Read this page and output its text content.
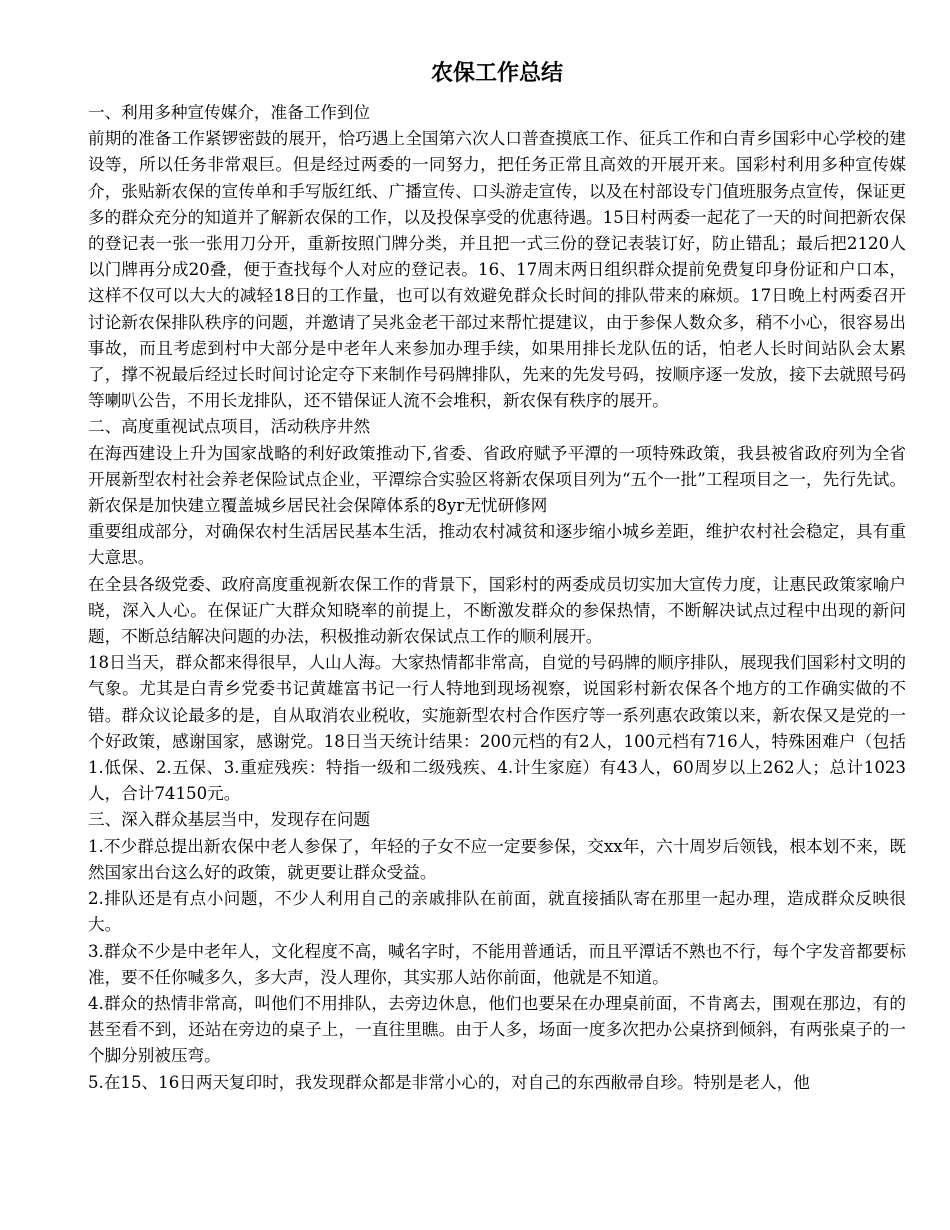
农保工作总结
一、利用多种宣传媒介，准备工作到位

前期的准备工作紧锣密鼓的展开，恰巧遇上全国第六次人口普查摸底工作、征兵工作和白青乡国彩中心学校的建设等，所以任务非常艰巨。但是经过两委的一同努力，把任务正常且高效的开展开来。国彩村利用多种宣传媒介，张贴新农保的宣传单和手写版红纸、广播宣传、口头游走宣传，以及在村部设专门值班服务点宣传，保证更多的群众充分的知道并了解新农保的工作，以及投保享受的优惠待遇。15日村两委一起花了一天的时间把新农保的登记表一张一张用刀分开，重新按照门牌分类，并且把一式三份的登记表装订好，防止错乱；最后把2120人以门牌再分成20叠，便于查找每个人对应的登记表。16、17周末两日组织群众提前免费复印身份证和户口本，这样不仅可以大大的减轻18日的工作量，也可以有效避免群众长时间的排队带来的麻烦。17日晚上村两委召开讨论新农保排队秩序的问题，并邀请了吴兆金老干部过来帮忙提建议，由于参保人数众多，稍不小心，很容易出事故，而且考虑到村中大部分是中老年人来参加办理手续，如果用排长龙队伍的话，怕老人长时间站队会太累了，撑不祝最后经过长时间讨论定夺下来制作号码牌排队，先来的先发号码，按顺序逐一发放，接下去就照号码等喇叭公告，不用长龙排队，还不错保证人流不会堆积，新农保有秩序的展开。

二、高度重视试点项目，活动秩序井然

在海西建设上升为国家战略的利好政策推动下,省委、省政府赋予平潭的一项特殊政策，我县被省政府列为全省开展新型农村社会养老保险试点企业，平潭综合实验区将新农保项目列为“五个一批”工程项目之一，先行先试。新农保是加快建立覆盖城乡居民社会保障体系的8yr无忧研修网

重要组成部分，对确保农村生活居民基本生活，推动农村减贫和逐步缩小城乡差距，维护农村社会稳定，具有重大意思。

在全县各级党委、政府高度重视新农保工作的背景下，国彩村的两委成员切实加大宣传力度，让惠民政策家喻户晓，深入人心。在保证广大群众知晓率的前提上，不断激发群众的参保热情，不断解决试点过程中出现的新问题，不断总结解决问题的办法，积极推动新农保试点工作的顺利展开。

18日当天，群众都来得很早，人山人海。大家热情都非常高，自觉的号码牌的顺序排队，展现我们国彩村文明的气象。尤其是白青乡党委书记黄雄富书记一行人特地到现场视察，说国彩村新农保各个地方的工作确实做的不错。群众议论最多的是，自从取消农业税收，实施新型农村合作医疗等一系列惠农政策以来，新农保又是党的一个好政策，感谢国家，感谢党。18日当天统计结果：200元档的有2人，100元档有716人，特殊困难户（包括1.低保、2.五保、3.重症残疾：特指一级和二级残疾、4.计生家庭）有43人，60周岁以上262人；总计1023人，合计74150元。

三、深入群众基层当中，发现存在问题

1.不少群总提出新农保中老人参保了，年轻的子女不应一定要参保，交xx年，六十周岁后领钱，根本划不来，既然国家出台这么好的政策，就更要让群众受益。

2.排队还是有点小问题，不少人利用自己的亲戚排队在前面，就直接插队寄在那里一起办理，造成群众反映很大。

3.群众不少是中老年人，文化程度不高，喊名字时，不能用普通话，而且平潭话不熟也不行，每个字发音都要标准，要不任你喊多久，多大声，没人理你，其实那人站你前面，他就是不知道。

4.群众的热情非常高，叫他们不用排队，去旁边休息，他们也要呆在办理桌前面，不肯离去，围观在那边，有的甚至看不到，还站在旁边的桌子上，一直往里瞧。由于人多，场面一度多次把办公桌挤到倾斜，有两张桌子的一个脚分别被压弯。

5.在15、16日两天复印时，我发现群众都是非常小心的，对自己的东西敝帚自珍。特别是老人，他
